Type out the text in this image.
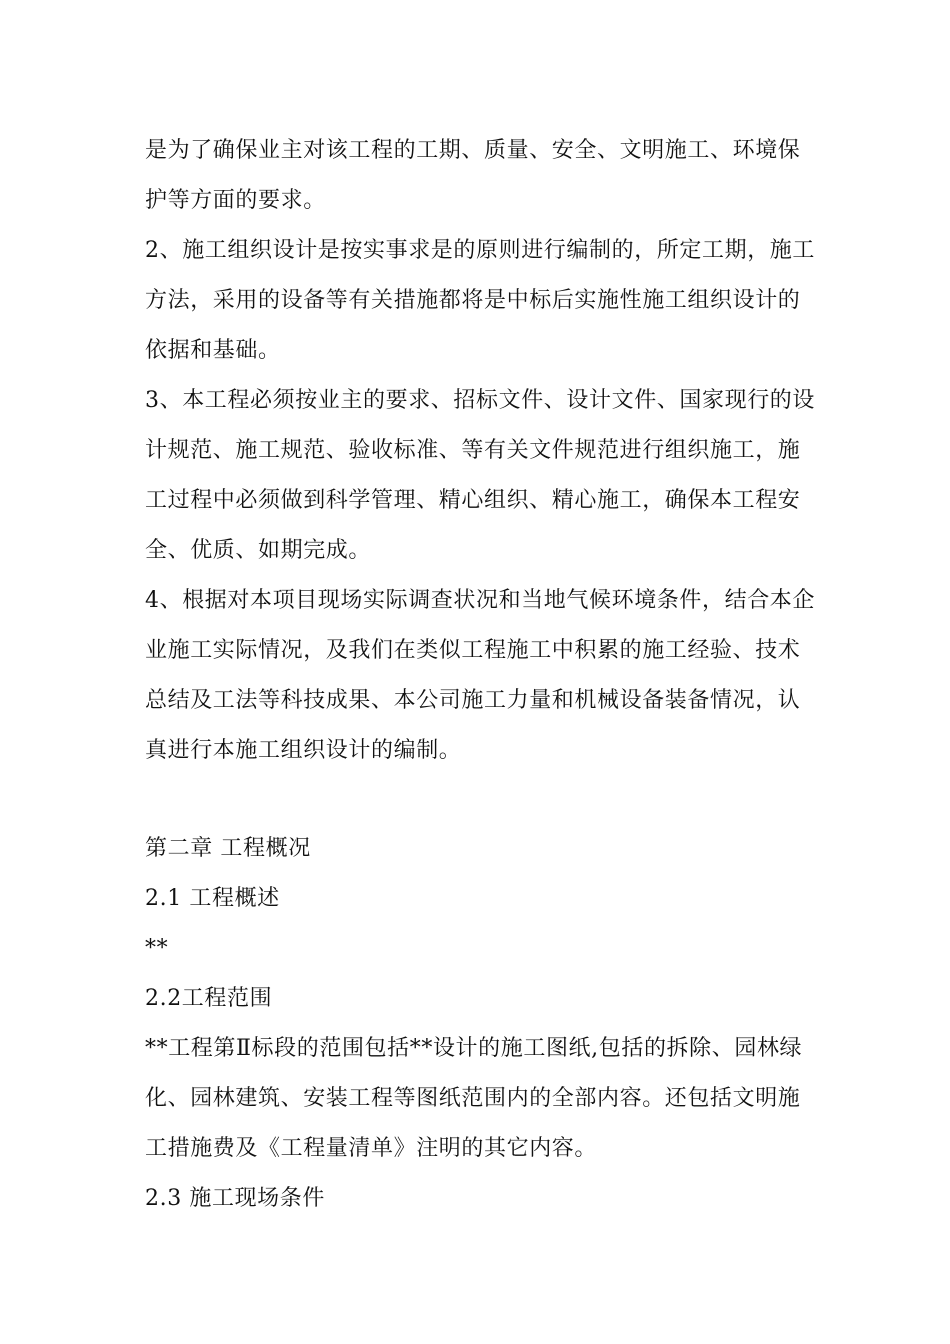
是为了确保业主对该工程的工期、质量、安全、文明施工、环境保
护等方面的要求。
2、施工组织设计是按实事求是的原则进行编制的，所定工期，施工
方法，采用的设备等有关措施都将是中标后实施性施工组织设计的
依据和基础。
3、本工程必须按业主的要求、招标文件、设计文件、国家现行的设
计规范、施工规范、验收标准、等有关文件规范进行组织施工，施
工过程中必须做到科学管理、精心组织、精心施工，确保本工程安
全、优质、如期完成。
4、根据对本项目现场实际调查状况和当地气候环境条件，结合本企
业施工实际情况，及我们在类似工程施工中积累的施工经验、技术
总结及工法等科技成果、本公司施工力量和机械设备装备情况，认
真进行本施工组织设计的编制。
第二章 工程概况
2.1 工程概述
**
2.2工程范围
**工程第Ⅱ标段的范围包括**设计的施工图纸,包括的拆除、园林绿
化、园林建筑、安装工程等图纸范围内的全部内容。还包括文明施
工措施费及《工程量清单》注明的其它内容。
2.3 施工现场条件
